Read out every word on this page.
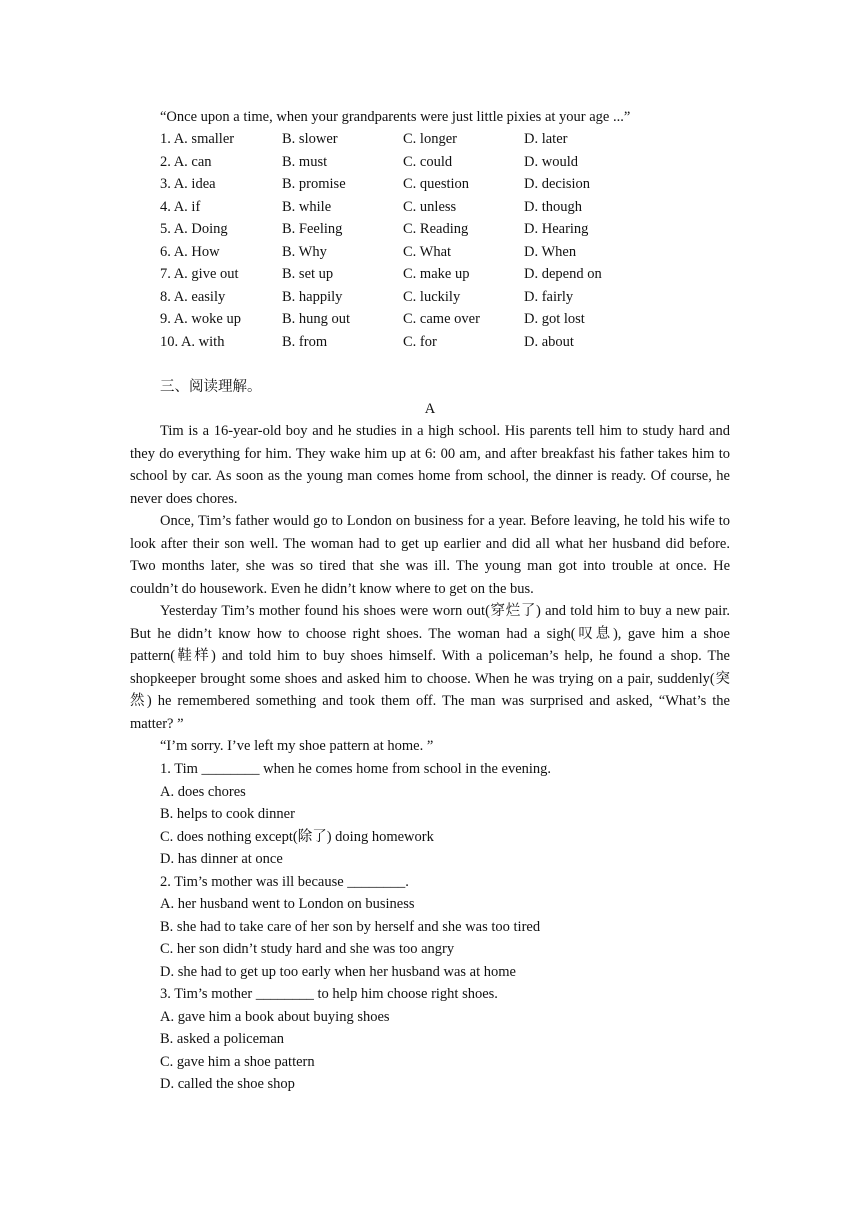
“Once upon a time, when your grandparents were just little pixies at your age ...”
1. A. smaller	B. slower	C. longer	D. later
2. A. can	B. must	C. could	D. would
3. A. idea	B. promise	C. question	D. decision
4. A. if	B. while	C. unless	D. though
5. A. Doing	B. Feeling	C. Reading	D. Hearing
6. A. How	B. Why	C. What	D. When
7. A. give out	B. set up	C. make up	D. depend on
8. A. easily	B. happily	C. luckily	D. fairly
9. A. woke up	B. hung out	C. came over	D. got lost
10. A. with	B. from	C. for	D. about
三、阅读理解。
A

Tim is a 16-year-old boy and he studies in a high school. His parents tell him to study hard and they do everything for him. They wake him up at 6: 00 am, and after breakfast his father takes him to school by car. As soon as the young man comes home from school, the dinner is ready. Of course, he never does chores.

Once, Tim’s father would go to London on business for a year. Before leaving, he told his wife to look after their son well. The woman had to get up earlier and did all what her husband did before. Two months later, she was so tired that she was ill. The young man got into trouble at once. He couldn’t do housework. Even he didn’t know where to get on the bus.

Yesterday Tim’s mother found his shoes were worn out(穿烂了) and told him to buy a new pair. But he didn’t know how to choose right shoes. The woman had a sigh(叹息), gave him a shoe pattern(鞋样) and told him to buy shoes himself. With a policeman’s help, he found a shop. The shopkeeper brought some shoes and asked him to choose. When he was trying on a pair, suddenly(突然) he remembered something and took them off. The man was surprised and asked, “What’s the matter? ”

“I’m sorry. I’ve left my shoe pattern at home. ”
1. Tim ________ when he comes home from school in the evening.
A. does chores
B. helps to cook dinner
C. does nothing except(除了) doing homework
D. has dinner at once
2. Tim’s mother was ill because ________.
A. her husband went to London on business
B. she had to take care of her son by herself and she was too tired
C. her son didn’t study hard and she was too angry
D. she had to get up too early when her husband was at home
3. Tim’s mother ________ to help him choose right shoes.
A. gave him a book about buying shoes
B. asked a policeman
C. gave him a shoe pattern
D. called the shoe shop
